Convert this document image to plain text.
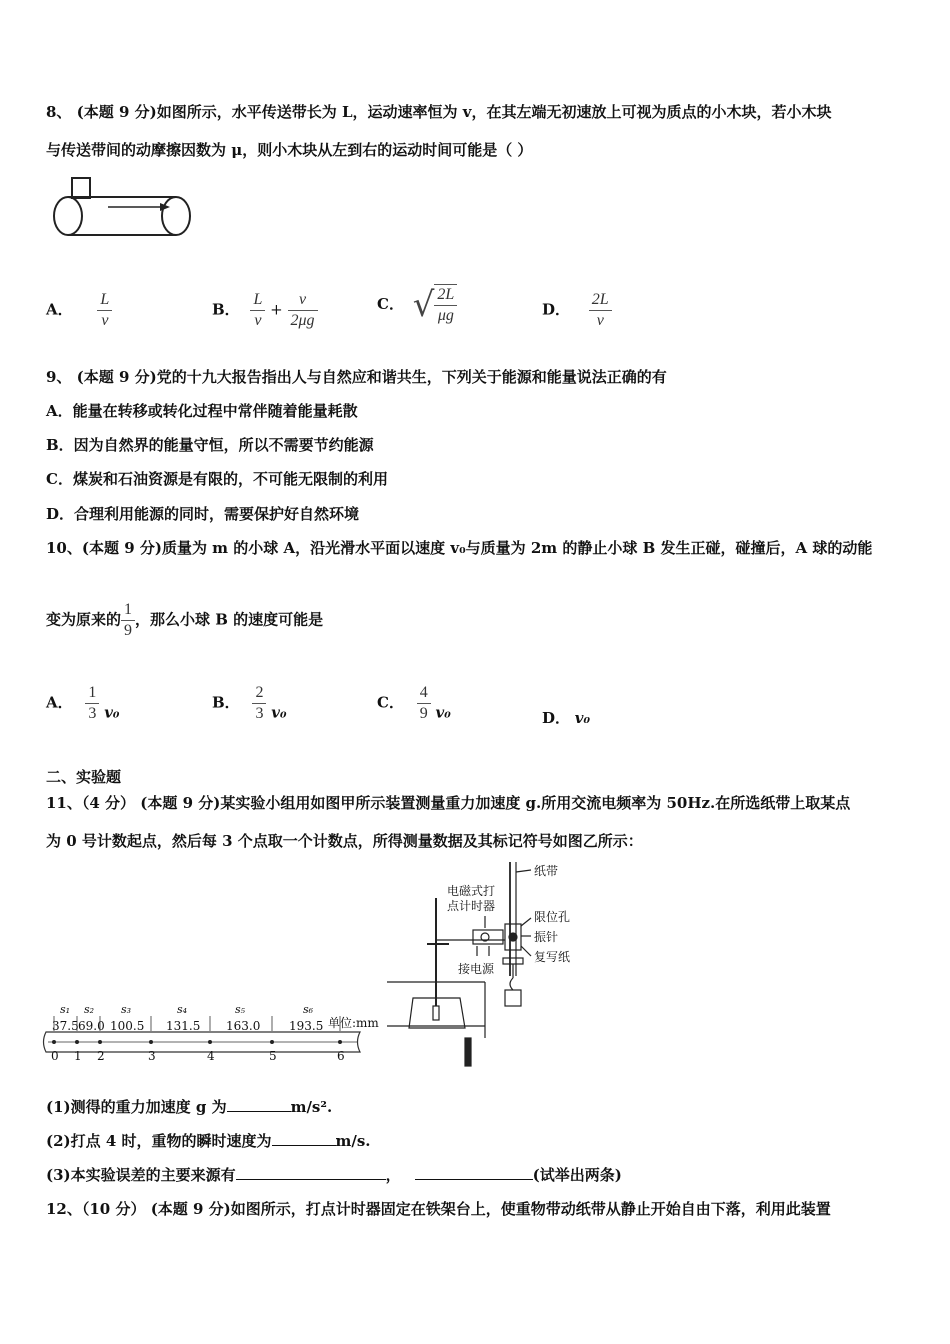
8、 (本题 9 分)如图所示，水平传送带长为 L，运动速率恒为 v，在其左端无初速放上可视为质点的小木块，若小木块
与传送带间的动摩擦因数为 μ，则小木块从左到右的运动时间可能是（ ）
A． $\frac{L}{v}$	B． $\frac{L}{v} + \frac{v}{2\mu g}$	C． √ $\frac{2L}{\mu g}$	D． $\frac{2L}{v}$
9、 (本题 9 分)党的十九大报告指出人与自然应和谐共生，下列关于能源和能量说法正确的有
A．能量在转移或转化过程中常伴随着能量耗散
B．因为自然界的能量守恒，所以不需要节约能源
C．煤炭和石油资源是有限的，不可能无限制的利用
D．合理利用能源的同时，需要保护好自然环境
10、(本题 9 分)质量为 m 的小球 A，沿光滑水平面以速度 v₀与质量为 2m 的静止小球 B 发生正碰，碰撞后，A 球的动能
变为原来的 $\frac{1}{9}$ ，那么小球 B 的速度可能是
A． $\frac{1}{3} v_0$
B． $\frac{2}{3} v_0$
C． $\frac{4}{9} v_0$	D． v₀
二、实验题
11、（4 分） (本题 9 分)某实验小组用如图甲所示装置测量重力加速度 g.所用交流电频率为 50Hz.在所选纸带上取某点
为 0 号计数起点，然后每 3 个点取一个计数点，所得测量数据及其标记符号如图乙所示：
s₁ s₂ s₃	s₄	s₅	s₆
37.5 69.0 100.5 131.5 163.0 193.5 单位:mm
0 1 2	3	4	5	6
电磁式打
点计时器
纸带
限位孔
振针
复写纸
接电源
(1)测得的重力加速度 g 为	m/s².
(2)打点 4 时，重物的瞬时速度为	m/s.
(3)本实验误差的主要来源有	，	(试举出两条)
12、（10 分） (本题 9 分)如图所示，打点计时器固定在铁架台上，使重物带动纸带从静止开始自由下落，利用此装置
